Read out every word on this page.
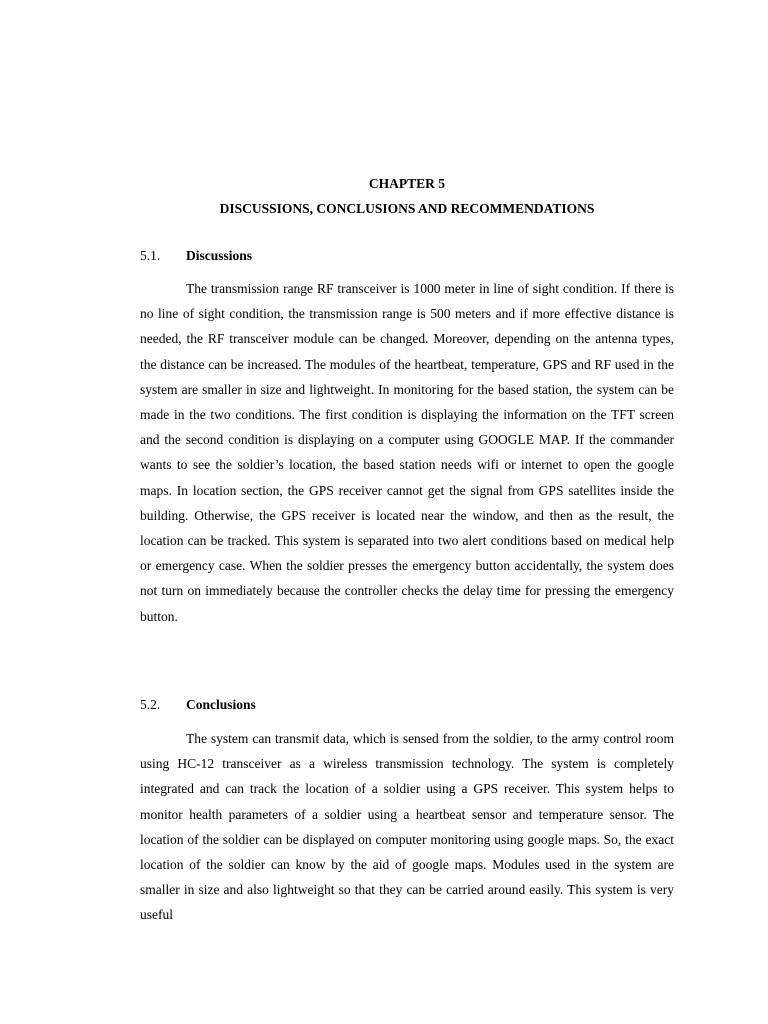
CHAPTER 5
DISCUSSIONS, CONCLUSIONS AND RECOMMENDATIONS
5.1. Discussions

The transmission range RF transceiver is 1000 meter in line of sight condition. If there is no line of sight condition, the transmission range is 500 meters and if more effective distance is needed, the RF transceiver module can be changed. Moreover, depending on the antenna types, the distance can be increased. The modules of the heartbeat, temperature, GPS and RF used in the system are smaller in size and lightweight. In monitoring for the based station, the system can be made in the two conditions. The first condition is displaying the information on the TFT screen and the second condition is displaying on a computer using GOOGLE MAP. If the commander wants to see the soldier’s location, the based station needs wifi or internet to open the google maps. In location section, the GPS receiver cannot get the signal from GPS satellites inside the building. Otherwise, the GPS receiver is located near the window, and then as the result, the location can be tracked. This system is separated into two alert conditions based on medical help or emergency case. When the soldier presses the emergency button accidentally, the system does not turn on immediately because the controller checks the delay time for pressing the emergency button.

5.2. Conclusions

The system can transmit data, which is sensed from the soldier, to the army control room using HC-12 transceiver as a wireless transmission technology. The system is completely integrated and can track the location of a soldier using a GPS receiver. This system helps to monitor health parameters of a soldier using a heartbeat sensor and temperature sensor. The location of the soldier can be displayed on computer monitoring using google maps. So, the exact location of the soldier can know by the aid of google maps. Modules used in the system are smaller in size and also lightweight so that they can be carried around easily. This system is very useful
